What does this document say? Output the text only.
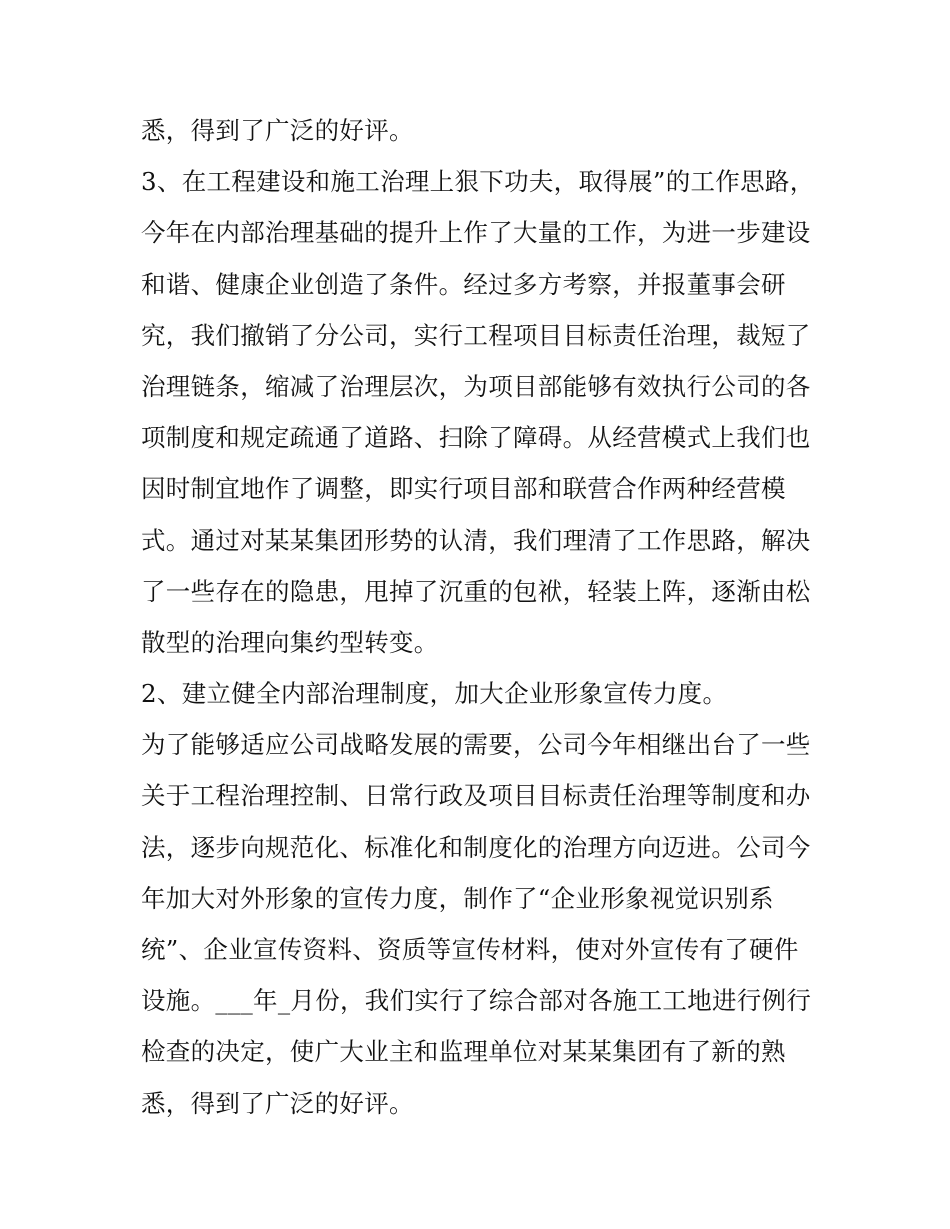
悉，得到了广泛的好评。
3、在工程建设和施工治理上狠下功夫，取得展”的工作思路，
今年在内部治理基础的提升上作了大量的工作，为进一步建设
和谐、健康企业创造了条件。经过多方考察，并报董事会研
究，我们撤销了分公司，实行工程项目目标责任治理，裁短了
治理链条，缩减了治理层次，为项目部能够有效执行公司的各
项制度和规定疏通了道路、扫除了障碍。从经营模式上我们也
因时制宜地作了调整，即实行项目部和联营合作两种经营模
式。通过对某某集团形势的认清，我们理清了工作思路，解决
了一些存在的隐患，甩掉了沉重的包袱，轻装上阵，逐渐由松
散型的治理向集约型转变。
2、建立健全内部治理制度，加大企业形象宣传力度。
为了能够适应公司战略发展的需要，公司今年相继出台了一些
关于工程治理控制、日常行政及项目目标责任治理等制度和办
法，逐步向规范化、标准化和制度化的治理方向迈进。公司今
年加大对外形象的宣传力度，制作了“企业形象视觉识别系
统”、企业宣传资料、资质等宣传材料，使对外宣传有了硬件
设施。___年_月份，我们实行了综合部对各施工工地进行例行
检查的决定，使广大业主和监理单位对某某集团有了新的熟
悉，得到了广泛的好评。
